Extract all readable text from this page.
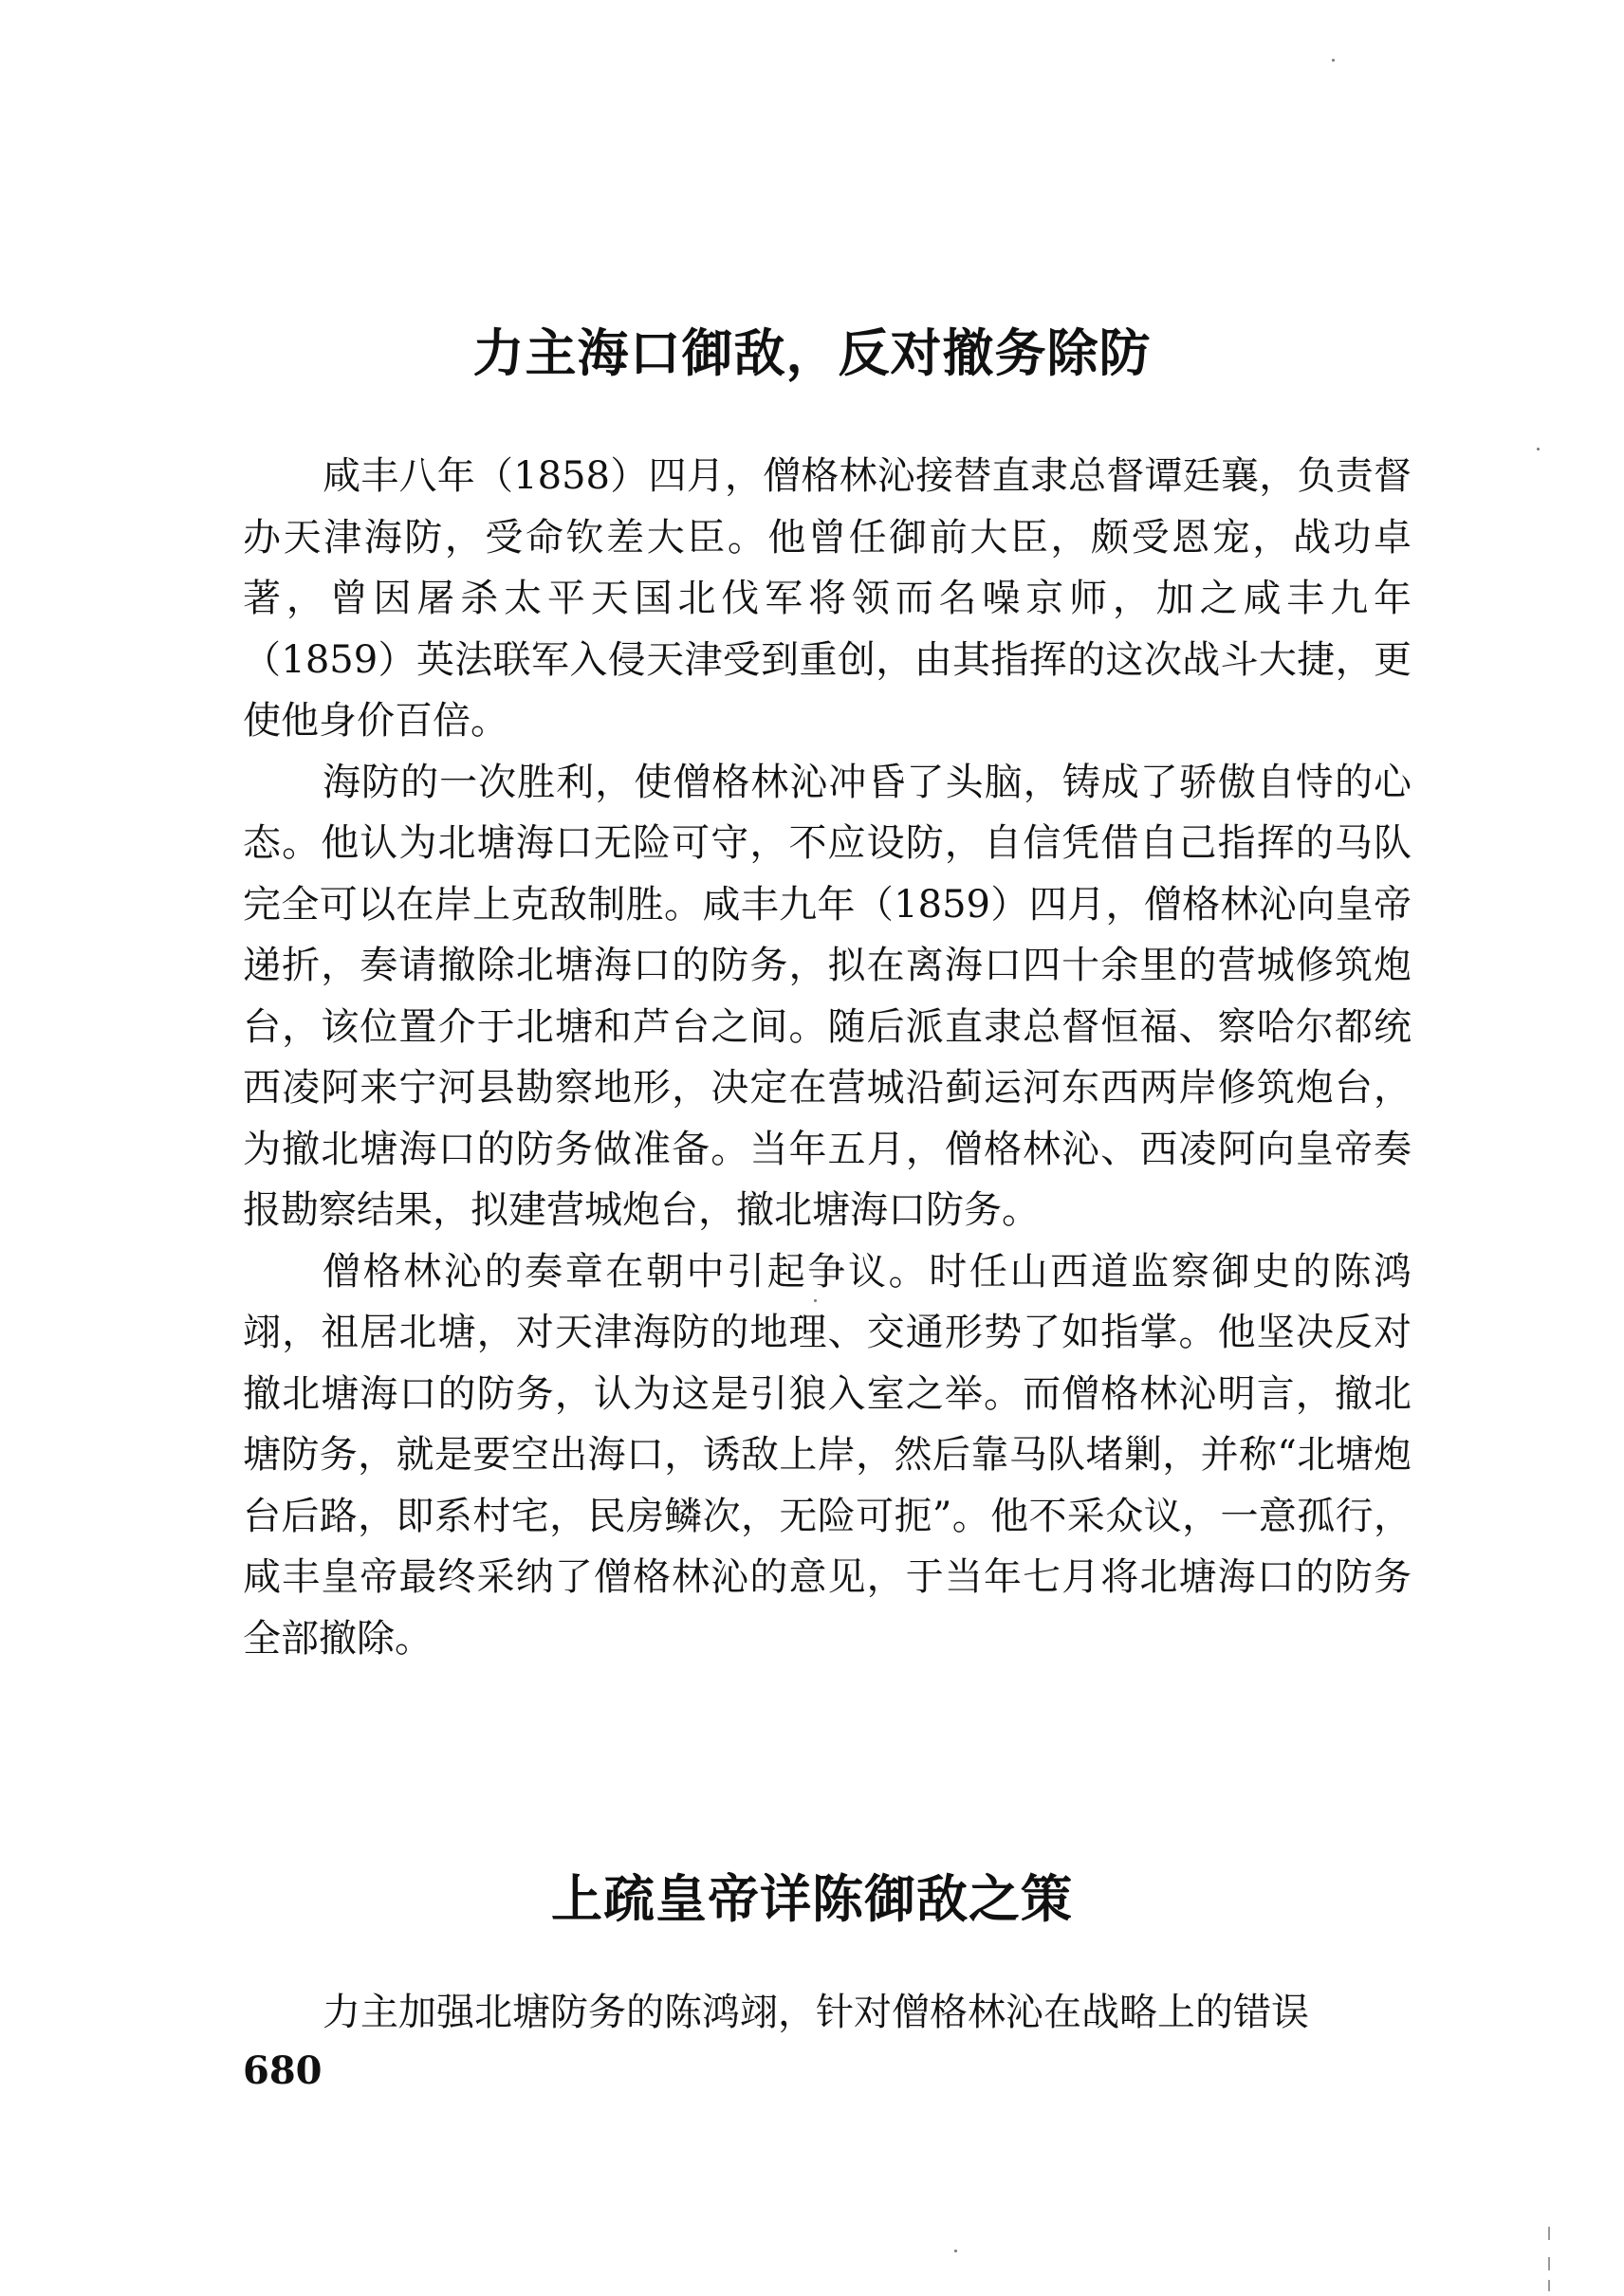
力主海口御敌，反对撤务除防

咸丰八年（1858）四月，僧格林沁接替直隶总督谭廷襄，负责督办天津海防，受命钦差大臣。他曾任御前大臣，颇受恩宠，战功卓著，曾因屠杀太平天国北伐军将领而名噪京师，加之咸丰九年（1859）英法联军入侵天津受到重创，由其指挥的这次战斗大捷，更使他身价百倍。

海防的一次胜利，使僧格林沁冲昏了头脑，铸成了骄傲自恃的心态。他认为北塘海口无险可守，不应设防，自信凭借自己指挥的马队完全可以在岸上克敌制胜。咸丰九年（1859）四月，僧格林沁向皇帝递折，奏请撤除北塘海口的防务，拟在离海口四十余里的营城修筑炮台，该位置介于北塘和芦台之间。随后派直隶总督恒福、察哈尔都统西凌阿来宁河县勘察地形，决定在营城沿蓟运河东西两岸修筑炮台，为撤北塘海口的防务做准备。当年五月，僧格林沁、西凌阿向皇帝奏报勘察结果，拟建营城炮台，撤北塘海口防务。

僧格林沁的奏章在朝中引起争议。时任山西道监察御史的陈鸿翊，祖居北塘，对天津海防的地理、交通形势了如指掌。他坚决反对撤北塘海口的防务，认为这是引狼入室之举。而僧格林沁明言，撤北塘防务，就是要空出海口，诱敌上岸，然后靠马队堵剿，并称“北塘炮台后路，即系村宅，民房鳞次，无险可扼”。他不采众议，一意孤行，咸丰皇帝最终采纳了僧格林沁的意见，于当年七月将北塘海口的防务全部撤除。

上疏皇帝详陈御敌之策

力主加强北塘防务的陈鸿翊，针对僧格林沁在战略上的错误

680
